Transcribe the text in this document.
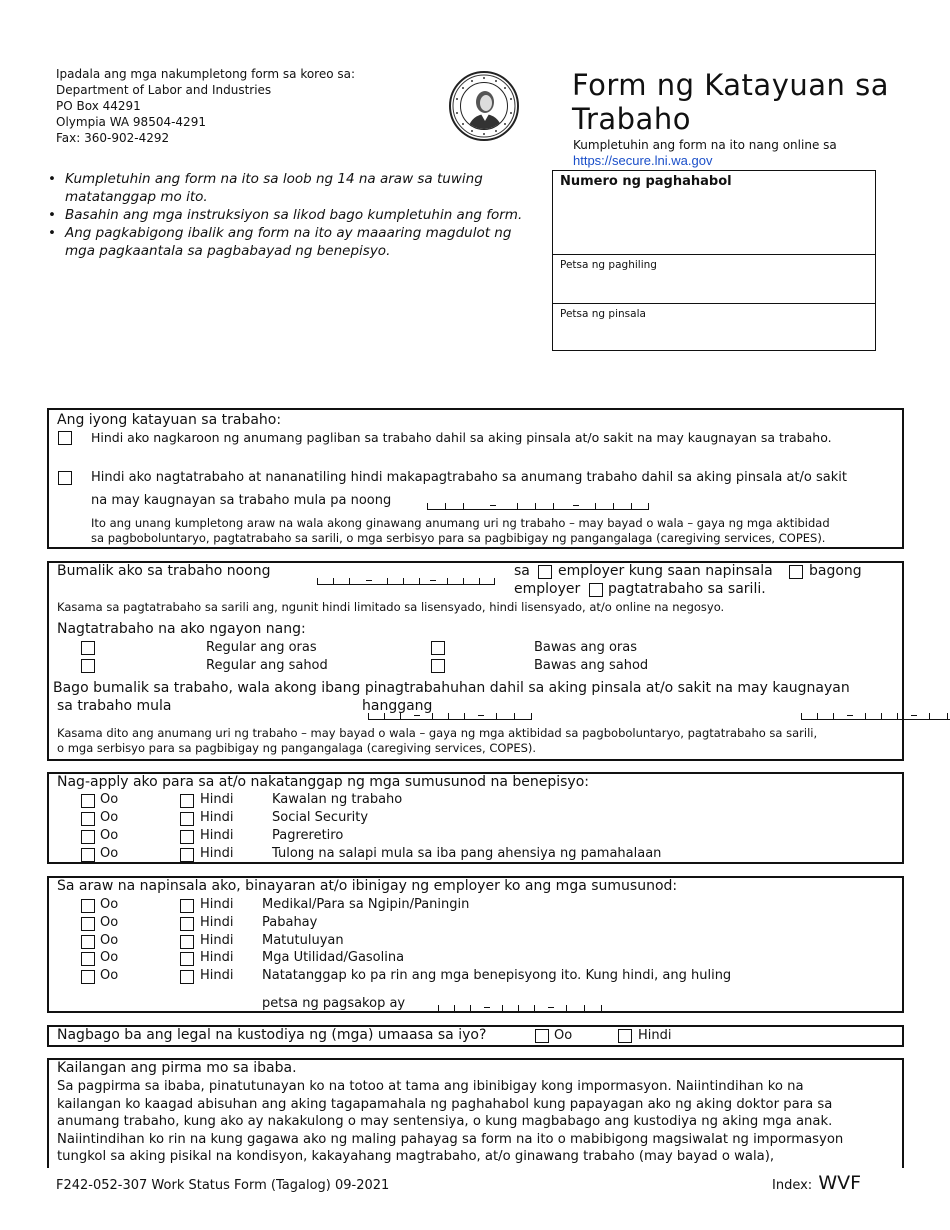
Ipadala ang mga nakumpletong form sa koreo sa:
Department of Labor and Industries
PO Box 44291
Olympia WA 98504-4291
Fax: 360-902-4292
Form ng Katayuan sa
Trabaho
Kumpletuhin ang form na ito nang online sa
https://secure.lni.wa.gov
• Kumpletuhin ang form na ito sa loob ng 14 na araw sa tuwing matatanggap mo ito.
• Basahin ang mga instruksiyon sa likod bago kumpletuhin ang form.
• Ang pagkabigong ibalik ang form na ito ay maaaring magdulot ng mga pagkaantala sa pagbabayad ng benepisyo.
Numero ng paghahabol
Petsa ng paghiling
Petsa ng pinsala
Ang iyong katayuan sa trabaho:
Hindi ako nagkaroon ng anumang pagliban sa trabaho dahil sa aking pinsala at/o sakit na may kaugnayan sa trabaho.
Hindi ako nagtatrabaho at nananatiling hindi makapagtrabaho sa anumang trabaho dahil sa aking pinsala at/o sakit
na may kaugnayan sa trabaho mula pa noong
Ito ang unang kumpletong araw na wala akong ginawang anumang uri ng trabaho – may bayad o wala – gaya ng mga aktibidad
sa pagboboluntaryo, pagtatrabaho sa sarili, o mga serbisyo para sa pagbibigay ng pangangalaga (caregiving services, COPES).
Bumalik ako sa trabaho noong
	sa employer kung saan napinsala	bagong
employer pagtatrabaho sa sarili.
Kasama sa pagtatrabaho sa sarili ang, ngunit hindi limitado sa lisensyado, hindi lisensyado, at/o online na negosyo.
Nagtatrabaho na ako ngayon nang:
Regular ang oras	Bawas ang oras
Regular ang sahod	Bawas ang sahod
Bago bumalik sa trabaho, wala akong ibang pinagtrabahuhan dahil sa aking pinsala at/o sakit na may kaugnayan
sa trabaho mula
	hanggang
Kasama dito ang anumang uri ng trabaho – may bayad o wala – gaya ng mga aktibidad sa pagboboluntaryo, pagtatrabaho sa sarili,
o mga serbisyo para sa pagbibigay ng pangangalaga (caregiving services, COPES).
Nag-apply ako para sa at/o nakatanggap ng mga sumusunod na benepisyo:
Oo	Hindi	Kawalan ng trabaho
Oo	Hindi	Social Security
Oo	Hindi	Pagreretiro
Oo	Hindi	Tulong na salapi mula sa iba pang ahensiya ng pamahalaan
Sa araw na napinsala ako, binayaran at/o ibinigay ng employer ko ang mga sumusunod:
Oo	Hindi Medikal/Para sa Ngipin/Paningin
Oo	Hindi Pabahay
Oo	Hindi Matutuluyan
Oo	Hindi Mga Utilidad/Gasolina
Oo	Hindi Natatanggap ko pa rin ang mga benepisyong ito. Kung hindi, ang huling
petsa ng pagsakop ay
Nagbago ba ang legal na kustodiya ng (mga) umaasa sa iyo?	Oo	Hindi
Kailangan ang pirma mo sa ibaba.
Sa pagpirma sa ibaba, pinatutunayan ko na totoo at tama ang ibinibigay kong impormasyon. Naiintindihan ko na
kailangan ko kaagad abisuhan ang aking tagapamahala ng paghahabol kung papayagan ako ng aking doktor para sa
anumang trabaho, kung ako ay nakakulong o may sentensiya, o kung magbabago ang kustodiya ng aking mga anak.
Naiintindihan ko rin na kung gagawa ako ng maling pahayag sa form na ito o mabibigong magsiwalat ng impormasyon
tungkol sa aking pisikal na kondisyon, kakayahang magtrabaho, at/o ginawang trabaho (may bayad o wala),
F242-052-307 Work Status Form (Tagalog) 09-2021	Index: WVF
